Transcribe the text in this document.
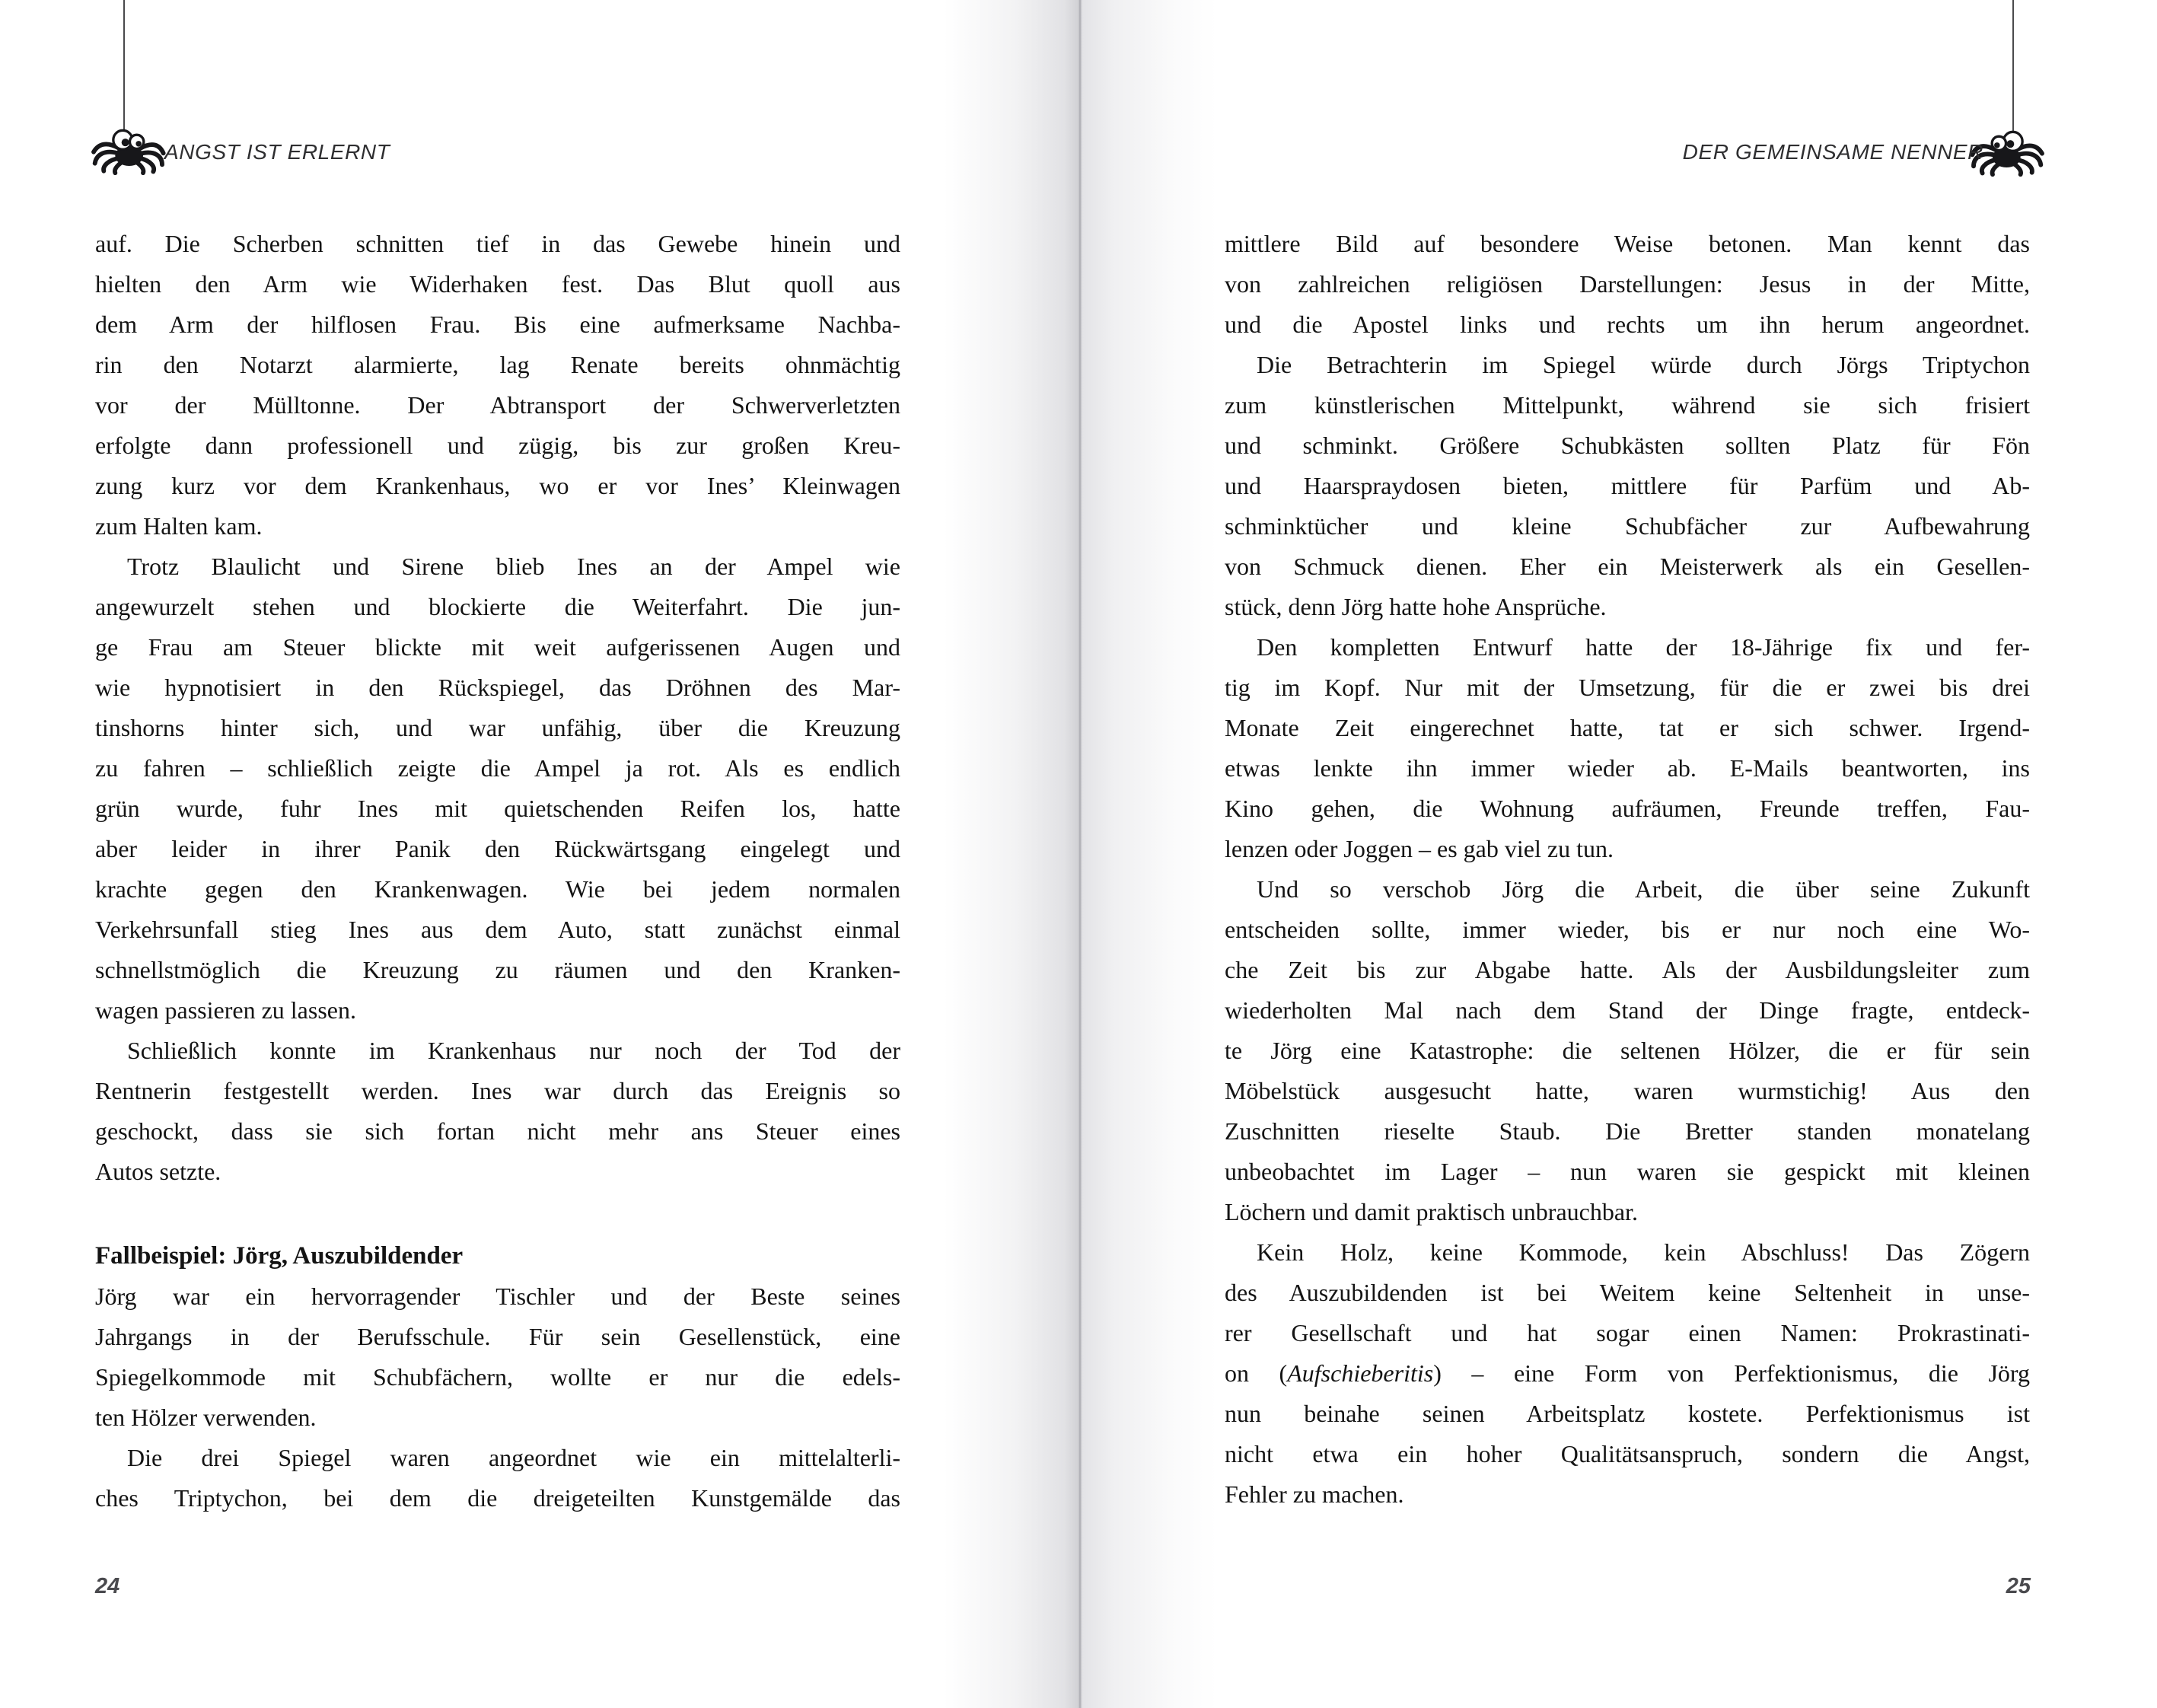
ANGST IST ERLERNT	DER GEMEINSAME NENNER
auf. Die Scherben schnitten tief in das Gewebe hinein und
hielten den Arm wie Widerhaken fest. Das Blut quoll aus
dem Arm der hilflosen Frau. Bis eine aufmerksame Nachba-
rin den Notarzt alarmierte, lag Renate bereits ohnmächtig
vor der Mülltonne. Der Abtransport der Schwerverletzten
erfolgte dann professionell und zügig, bis zur großen Kreu-
zung kurz vor dem Krankenhaus, wo er vor Ines’ Kleinwagen
zum Halten kam.
Trotz Blaulicht und Sirene blieb Ines an der Ampel wie
angewurzelt stehen und blockierte die Weiterfahrt. Die jun-
ge Frau am Steuer blickte mit weit aufgerissenen Augen und
wie hypnotisiert in den Rückspiegel, das Dröhnen des Mar-
tinshorns hinter sich, und war unfähig, über die Kreuzung
zu fahren – schließlich zeigte die Ampel ja rot. Als es endlich
grün wurde, fuhr Ines mit quietschenden Reifen los, hatte
aber leider in ihrer Panik den Rückwärtsgang eingelegt und
krachte gegen den Krankenwagen. Wie bei jedem normalen
Verkehrsunfall stieg Ines aus dem Auto, statt zunächst einmal
schnellstmöglich die Kreuzung zu räumen und den Kranken-
wagen passieren zu lassen.
Schließlich konnte im Krankenhaus nur noch der Tod der
Rentnerin festgestellt werden. Ines war durch das Ereignis so
geschockt, dass sie sich fortan nicht mehr ans Steuer eines
Autos setzte.
Fallbeispiel: Jörg, Auszubildender
Jörg war ein hervorragender Tischler und der Beste seines
Jahrgangs in der Berufsschule. Für sein Gesellenstück, eine
Spiegelkommode mit Schubfächern, wollte er nur die edels-
ten Hölzer verwenden.
Die drei Spiegel waren angeordnet wie ein mittelalterli-
ches Triptychon, bei dem die dreigeteilten Kunstgemälde das
mittlere Bild auf besondere Weise betonen. Man kennt das
von zahlreichen religiösen Darstellungen: Jesus in der Mitte,
und die Apostel links und rechts um ihn herum angeordnet.
Die Betrachterin im Spiegel würde durch Jörgs Triptychon
zum künstlerischen Mittelpunkt, während sie sich frisiert
und schminkt. Größere Schubkästen sollten Platz für Fön
und Haarspraydosen bieten, mittlere für Parfüm und Ab-
schminktücher und kleine Schubfächer zur Aufbewahrung
von Schmuck dienen. Eher ein Meisterwerk als ein Gesellen-
stück, denn Jörg hatte hohe Ansprüche.
Den kompletten Entwurf hatte der 18-Jährige fix und fer-
tig im Kopf. Nur mit der Umsetzung, für die er zwei bis drei
Monate Zeit eingerechnet hatte, tat er sich schwer. Irgend-
etwas lenkte ihn immer wieder ab. E-Mails beantworten, ins
Kino gehen, die Wohnung aufräumen, Freunde treffen, Fau-
lenzen oder Joggen – es gab viel zu tun.
Und so verschob Jörg die Arbeit, die über seine Zukunft
entscheiden sollte, immer wieder, bis er nur noch eine Wo-
che Zeit bis zur Abgabe hatte. Als der Ausbildungsleiter zum
wiederholten Mal nach dem Stand der Dinge fragte, entdeck-
te Jörg eine Katastrophe: die seltenen Hölzer, die er für sein
Möbelstück ausgesucht hatte, waren wurmstichig! Aus den
Zuschnitten rieselte Staub. Die Bretter standen monatelang
unbeobachtet im Lager – nun waren sie gespickt mit kleinen
Löchern und damit praktisch unbrauchbar.
Kein Holz, keine Kommode, kein Abschluss! Das Zögern
des Auszubildenden ist bei Weitem keine Seltenheit in unse-
rer Gesellschaft und hat sogar einen Namen: Prokrastinati-
on (Aufschieberitis) – eine Form von Perfektionismus, die Jörg
nun beinahe seinen Arbeitsplatz kostete. Perfektionismus ist
nicht etwa ein hoher Qualitätsanspruch, sondern die Angst,
Fehler zu machen.
24	25
